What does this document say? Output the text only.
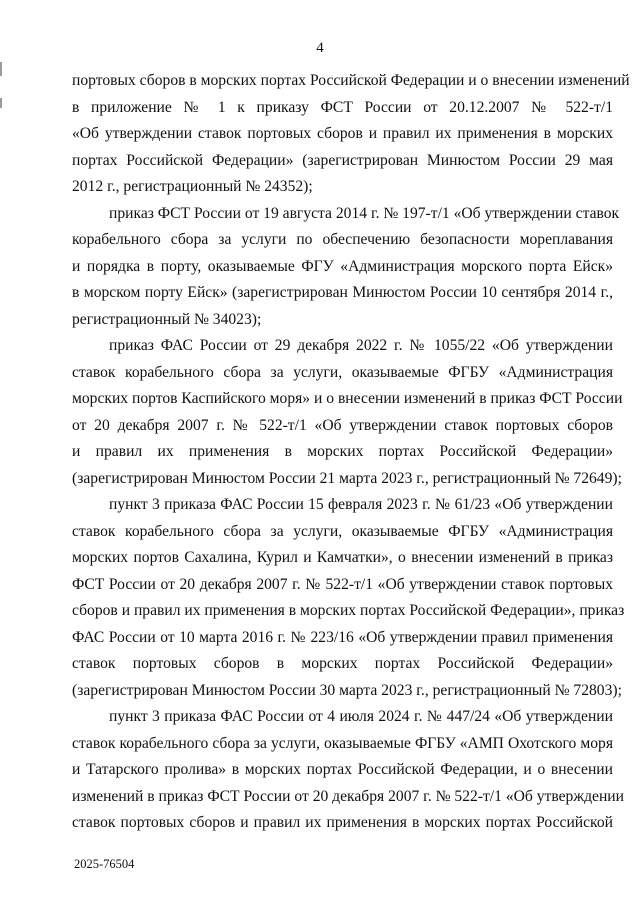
4
портовых сборов в морских портах Российской Федерации и о внесении изменений
в приложение № 1 к приказу ФСТ России от 20.12.2007 № 522-т/1
«Об утверждении ставок портовых сборов и правил их применения в морских
портах Российской Федерации» (зарегистрирован Минюстом России 29 мая
2012 г., регистрационный № 24352);
приказ ФСТ России от 19 августа 2014 г. № 197-т/1 «Об утверждении ставок
корабельного сбора за услуги по обеспечению безопасности мореплавания
и порядка в порту, оказываемые ФГУ «Администрация морского порта Ейск»
в морском порту Ейск» (зарегистрирован Минюстом России 10 сентября 2014 г.,
регистрационный № 34023);
приказ ФАС России от 29 декабря 2022 г. № 1055/22 «Об утверждении
ставок корабельного сбора за услуги, оказываемые ФГБУ «Администрация
морских портов Каспийского моря» и о внесении изменений в приказ ФСТ России
от 20 декабря 2007 г. № 522-т/1 «Об утверждении ставок портовых сборов
и правил их применения в морских портах Российской Федерации»
(зарегистрирован Минюстом России 21 марта 2023 г., регистрационный № 72649);
пункт 3 приказа ФАС России 15 февраля 2023 г. № 61/23 «Об утверждении
ставок корабельного сбора за услуги, оказываемые ФГБУ «Администрация
морских портов Сахалина, Курил и Камчатки», о внесении изменений в приказ
ФСТ России от 20 декабря 2007 г. № 522-т/1 «Об утверждении ставок портовых
сборов и правил их применения в морских портах Российской Федерации», приказ
ФАС России от 10 марта 2016 г. № 223/16 «Об утверждении правил применения
ставок портовых сборов в морских портах Российской Федерации»
(зарегистрирован Минюстом России 30 марта 2023 г., регистрационный № 72803);
пункт 3 приказа ФАС России от 4 июля 2024 г. № 447/24 «Об утверждении
ставок корабельного сбора за услуги, оказываемые ФГБУ «АМП Охотского моря
и Татарского пролива» в морских портах Российской Федерации, и о внесении
изменений в приказ ФСТ России от 20 декабря 2007 г. № 522-т/1 «Об утверждении
ставок портовых сборов и правил их применения в морских портах Российской
2025-76504
